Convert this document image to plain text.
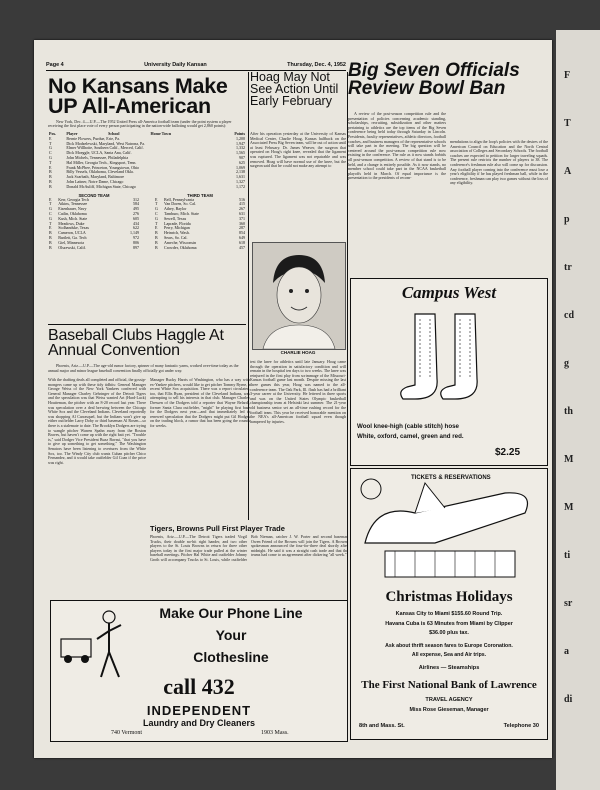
F
T
A
p
tr
cd
g
th
M
M
ti
sr
a
di
Page 4	University Daily Kansan	Thursday, Dec. 4, 1952
No Kansans Make UP All-American
New York, Dec. 4.—U.P.—The 1952 United Press all-America football team (under the point system a player receiving the first place vote of every person participating in the nation-wide balloting would get 2,860 points):
Pos.	Player	School	Home Town	Points
E	Bernie Flowers, Purdue, Erie, Pa.			1,200
T	Dick Modzelewski, Maryland, West Natrona, Pa.			1,947
G	Elmer Willhoite, Southern Calif., Merced, Calif.			1,332
C	Dick Moeggle, UCLA, Santa Ana, Calif.			1,565
G	John Michels, Tennessee, Philadelphia			907
T	Hal Miller, Georgia Tech., Kingsport, Tenn.			625
E	Frank McPhee, Princeton, Youngstown, Ohio			1,069
B	Billy Vessels, Oklahoma, Cleveland Okla.			2,138
B	Jack Scarbath, Maryland, Baltimore			1,631
B	John Lattner, Notre Dame, Chicago			1,327
B	Donald McAuliff, Michigan State, Chicago			1,172
SECOND TEAM
E	Kerr, Georgia Tech	312
T	Atkins, Tennessee	584
G	Eisenhauer, Navy	495
C	Catlin, Oklahoma	276
G	Kush, Mich. State	605
T	Meadows, Duke	434
E	Stolhandske, Texas	622
B	Cameron, UCLA	1,149
B	Bartlett, Ga. Tech	972
B	Giel, Minnesota	806
B	Olszewski, Calif.	897
THIRD TEAM
E	Bell, Pennsylvania	516
T	Van Doren, So. Cal.	415
G	Athey, Baylor	267
C	Tamburo, Mich. State	631
G	Sewell, Texas	371
T	Laprade, Florida	360
E	Perry, Michigan	287
B	Heinrich, Wash.	854
B	Sears, So. Cal.	649
B	Ameche, Wisconsin	618
B	Crowder, Oklahoma	457
Baseball Clubs Haggle At Annual Convention
Phoenix, Ariz.—U.P.—The age-old rumor factory, spinner of many fantastic yarns, worked over-time today as the annual major and minor league baseball convention finally officially got under way.
With the drafting deals all completed and official, the gossip-mongers came up with these tidy tidbits: General Manager George Weiss of the New York Yankees conferred with General Manager Charley Gehringer of the Detroit Tigers and the speculation was that Weiss wanted Art (Hard-Luck) Houtteman, the pitcher with an 8-20 record last year. There was speculation over a deal brewing between the Chicago White Sox and the Cleveland Indians. Cleveland reportedly was shopping Al Carrasquel, but the Indians won't give up either outfielder Larry Doby or third baseman Al Rosen—so there is a stalemate to date. The Brooklyn Dodgers are trying to wangle pitcher Warren Spahn away from the Boston Braves, but haven't come up with the right bait yet. "Trouble is," said Dodger Vice President Buzz Bavasi, "that you have to give up something to get something." The Washington Senators have been listening to overtures from the White Sox, too. The Windy City club wants Cuban pitcher Chico Fernandez, and it would take outfielder Gil Coan if the price was right.
Manager Bucky Harris of Washington, who has a way with ex-Yankee pitchers, would like to get pitcher Tommy Byrne, a recent White Sox acquisition. There was a report circulated, too, that Ellis Ryan, president of the Cleveland Indians, was attempting to sell his interests in that club. Manager Charley Dressen of the Dodgers told a reporter that Wayne Belardi, former Santa Clara outfielder, "might" be playing first base for the Dodgers next year—and that immediately led to renewed speculation that the Dodgers might put Gil Hodges on the trading block, a rumor that has been going the rounds for weeks.
Tigers, Browns Pull First Player Trade
Phoenix, Ariz.—U.P.—The Detroit Tigers traded Virgil Trucks, their double no-hit right hander, and two other players to the St. Louis Browns in return for three other players today in the first major trade pulled at the winter baseball meetings. Pitcher Hal White and outfielder Johnny Groth will accompany Trucks to St. Louis, while outfielder Bob Nieman, catcher J. W. Porter and second baseman Owen Friend of the Browns will join the Tigers. A Browns spokesman announced the four-for-three deal shortly after midnight. He said it was a straight cash trade and that the teams had come to an agreement after dickering "all week."
Make Our Phone Line
Your
Clothesline
call 432
INDEPENDENT
Laundry and Dry Cleaners
740 Vermont	1903 Mass.
Hoag May Not See Action Until Early February
After his operation yesterday at the University of Kansas Medical Center, Charlie Hoag, Kansas halfback on the Associated Press Big Seven team, will be out of action until at least February. Dr. James Weaver, the surgeon that operated on Hoag's right knee, revealed that the ligament was ruptured. The ligament was not repairable and was removed. Hoag will have normal use of the knee, but the surgeon said that he could not make any attempt to
CHARLIE HOAG
test the knee for athletics until late January. Hoag came through the operation in satisfactory condition and will remain in the hospital ten days to two weeks. The knee was reinjured in the first play from scrimmage of the Missouri-Kansas football game last month. Despite missing the last three games this year, Hoag was named to the all-conference team. The Oak Park, Ill. flash has had a brilliant 3-year career at the University. He lettered in three sports and was on the United States Olympic basketball championship team at Helsinki last summer. The 21-year old business senior set an all-time rushing record for the football team. This year he received honorable mention on the NEA's all-American football squad even though hampered by injuries.
Big Seven Officials Review Bowl Ban
A review of the post-season competition rule and the presentation of policies concerning academic standing, scholarships, recruiting, subsidization and other matters pertaining to athletics are the top items of the Big Seven conference being held today through Saturday in Lincoln. Presidents, faculty representatives, athletic directors, football coaches, and business managers of the representative schools will take part in the meeting. The big question will be centered around the post-season competition rule now existing in the conference. The rule as it now stands forbids all post-season competition. A review of that stand is to be held, and a change is entirely possible. As it now stands, no member school could take part in the NCAA basketball playoffs held in March. Of equal importance is the presentation to the presidents of recom-
mendations to align the loop's policies with the desires of the American Council on Education and the North Central association of Colleges and Secondary Schools. The football coaches are expected to petition for larger traveling squads. The present rule restricts the number of players to 38. The conference's freshman rule also will come up for discussion. Any football player coming into the conference must lose a year's eligibility if he has played freshman ball, while in the conference, freshman can play two games without the loss of any eligibility.
Campus West
Wool knee-high (cable stitch) hose
White, oxford, camel, green and red.
$2.25
TICKETS & RESERVATIONS
Christmas Holidays
Kansas City to Miami $155.60 Round Trip.
Havana Cuba is 63 Minutes from Miami by Clipper
$36.00 plus tax.
Ask about thrift season fares to Europe Coronation.
All expense, Sea and Air trips.
Airlines — Steamships
The First National Bank of Lawrence
TRAVEL AGENCY
Miss Rose Gieseman, Manager
8th and Mass. St.	Telephone 30
